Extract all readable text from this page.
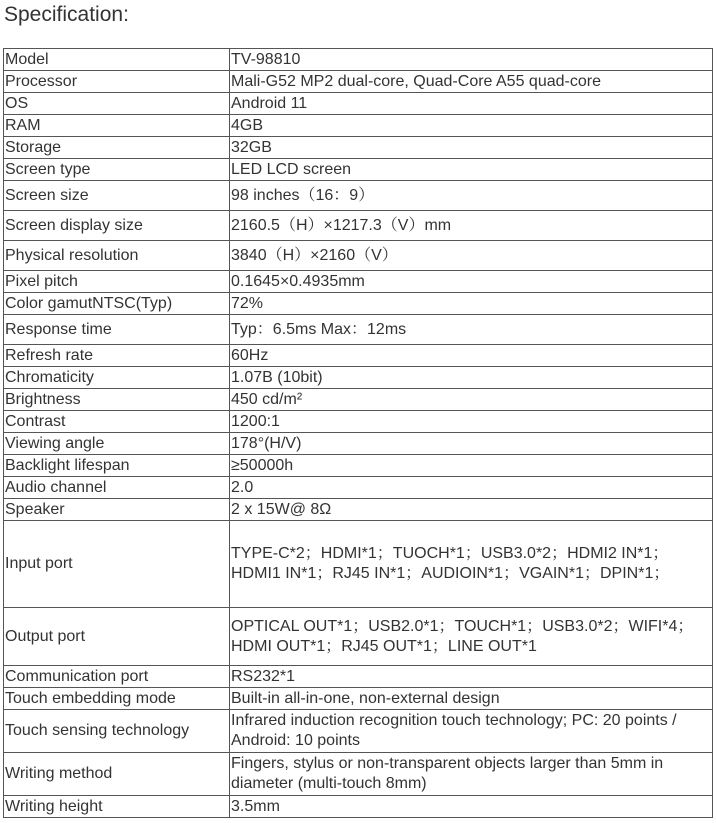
Specification:
Model	TV-98810
Processor	Mali-G52 MP2 dual-core, Quad-Core A55 quad-core
OS	Android 11
RAM	4GB
Storage	32GB
Screen type	LED LCD screen
Screen size	98 inches（16：9）
Screen display size	2160.5（H）×1217.3（V）mm
Physical resolution	3840（H）×2160（V）
Pixel pitch	0.1645×0.4935mm
Color gamutNTSC(Typ)	72%
Response time	Typ：6.5ms Max：12ms
Refresh rate	60Hz
Chromaticity	1.07B (10bit)
Brightness	450 cd/m²
Contrast	1200:1
Viewing angle	178°(H/V)
Backlight lifespan	≥50000h
Audio channel	2.0
Speaker	2 x 15W@ 8Ω
Input port	TYPE-C*2；HDMI*1；TUOCH*1；USB3.0*2；HDMI2 IN*1；HDMI1 IN*1；RJ45 IN*1；AUDIOIN*1；VGAIN*1；DPIN*1；
Output port	OPTICAL OUT*1；USB2.0*1；TOUCH*1；USB3.0*2；WIFI*4；HDMI OUT*1；RJ45 OUT*1；LINE OUT*1
Communication port	RS232*1
Touch embedding mode	Built-in all-in-one, non-external design
Touch sensing technology	Infrared induction recognition touch technology; PC: 20 points / Android: 10 points
Writing method	Fingers, stylus or non-transparent objects larger than 5mm in diameter (multi-touch 8mm)
Writing height	3.5mm
